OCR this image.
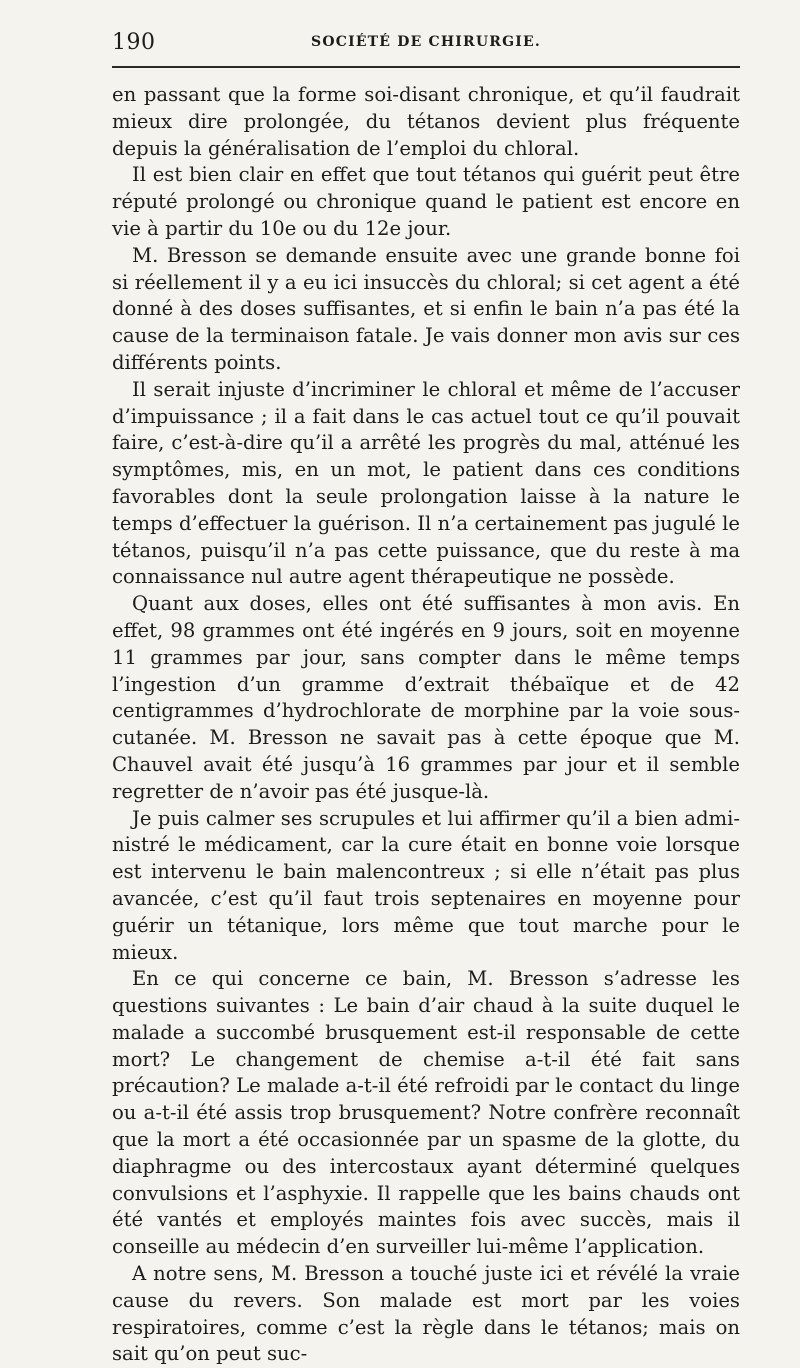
190	SOCIÉTÉ DE CHIRURGIE.

en passant que la forme soi-disant chronique, et qu’il faudrait mieux dire prolongée, du tétanos devient plus fréquente depuis la généralisation de l’emploi du chloral.

Il est bien clair en effet que tout tétanos qui guérit peut être réputé prolongé ou chronique quand le patient est encore en vie à partir du 10e ou du 12e jour.

M. Bresson se demande ensuite avec une grande bonne foi si réellement il y a eu ici insuccès du chloral; si cet agent a été donné à des doses suffisantes, et si enfin le bain n’a pas été la cause de la terminaison fatale. Je vais donner mon avis sur ces différents points.

Il serait injuste d’incriminer le chloral et même de l’accuser d’impuissance ; il a fait dans le cas actuel tout ce qu’il pouvait faire, c’est-à-dire qu’il a arrêté les progrès du mal, atténué les symptômes, mis, en un mot, le patient dans ces conditions favorables dont la seule prolongation laisse à la nature le temps d’effectuer la guérison. Il n’a certainement pas jugulé le tétanos, puisqu’il n’a pas cette puissance, que du reste à ma connaissance nul autre agent thérapeutique ne possède.

Quant aux doses, elles ont été suffisantes à mon avis. En effet, 98 grammes ont été ingérés en 9 jours, soit en moyenne 11 grammes par jour, sans compter dans le même temps l’ingestion d’un gramme d’extrait thébaïque et de 42 centigrammes d’hydrochlorate de morphine par la voie sous-cutanée. M. Bresson ne savait pas à cette époque que M. Chauvel avait été jusqu’à 16 grammes par jour et il semble regretter de n’avoir pas été jusque-là.

Je puis calmer ses scrupules et lui affirmer qu’il a bien administré le médicament, car la cure était en bonne voie lorsque est intervenu le bain malencontreux ; si elle n’était pas plus avancée, c’est qu’il faut trois septenaires en moyenne pour guérir un tétanique, lors même que tout marche pour le mieux.

En ce qui concerne ce bain, M. Bresson s’adresse les questions suivantes : Le bain d’air chaud à la suite duquel le malade a succombé brusquement est-il responsable de cette mort? Le changement de chemise a-t-il été fait sans précaution? Le malade a-t-il été refroidi par le contact du linge ou a-t-il été assis trop brusquement? Notre confrère reconnaît que la mort a été occasionnée par un spasme de la glotte, du diaphragme ou des intercostaux ayant déterminé quelques convulsions et l’asphyxie. Il rappelle que les bains chauds ont été vantés et employés maintes fois avec succès, mais il conseille au médecin d’en surveiller lui-même l’application.

A notre sens, M. Bresson a touché juste ici et révélé la vraie cause du revers. Son malade est mort par les voies respiratoires, comme c’est la règle dans le tétanos; mais on sait qu’on peut suc-
